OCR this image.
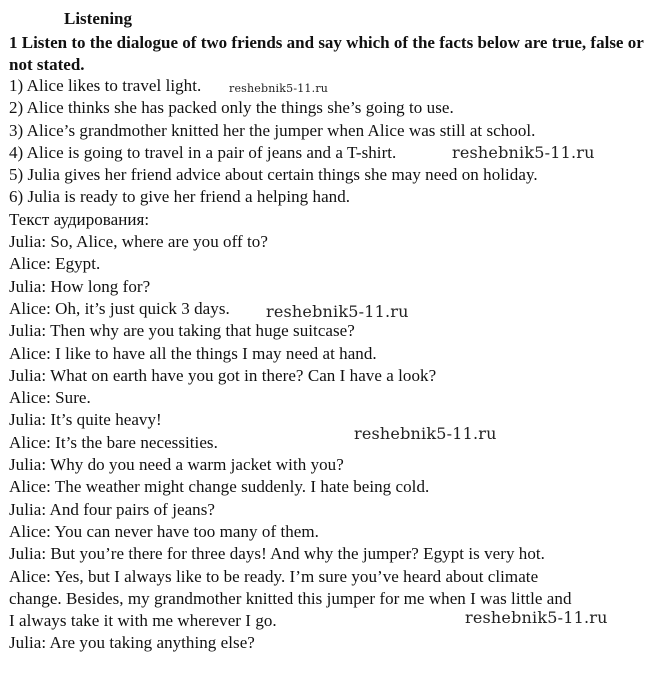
Listening
1 Listen to the dialogue of two friends and say which of the facts below are true, false or not stated.
1) Alice likes to travel light.
2) Alice thinks she has packed only the things she’s going to use.
3) Alice’s grandmother knitted her the jumper when Alice was still at school.
4) Alice is going to travel in a pair of jeans and a T-shirt.
5) Julia gives her friend advice about certain things she may need on holiday.
6) Julia is ready to give her friend a helping hand.
Текст аудирования:
Julia: So, Alice, where are you off to?
Alice: Egypt.
Julia: How long for?
Alice: Oh, it’s just quick 3 days.
Julia: Then why are you taking that huge suitcase?
Alice: I like to have all the things I may need at hand.
Julia: What on earth have you got in there? Can I have a look?
Alice: Sure.
Julia: It’s quite heavy!
Alice: It’s the bare necessities.
Julia: Why do you need a warm jacket with you?
Alice: The weather might change suddenly. I hate being cold.
Julia: And four pairs of jeans?
Alice: You can never have too many of them.
Julia: But you’re there for three days! And why the jumper? Egypt is very hot.
Alice: Yes, but I always like to be ready. I’m sure you’ve heard about climate
change. Besides, my grandmother knitted this jumper for me when I was little and
I always take it with me wherever I go.
Julia: Are you taking anything else?
reshebnik5-11.ru
reshebnik5-11.ru
reshebnik5-11.ru
reshebnik5-11.ru
reshebnik5-11.ru
